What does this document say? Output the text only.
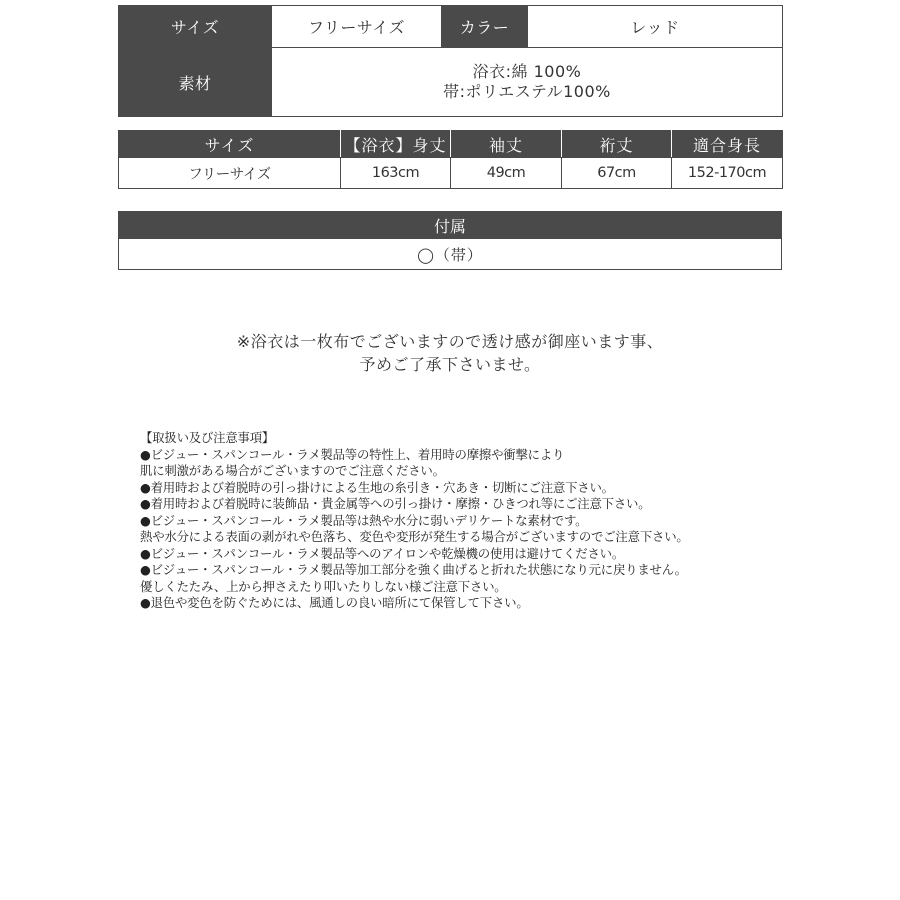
サイズ	フリーサイズ	カラー	レッド
素材	浴衣:綿 100%
帯:ポリエステル100%		
サイズ	【浴衣】身丈	袖丈	裄丈	適合身長
フリーサイズ	163cm	49cm	67cm	152-170cm
付属
◯（帯）
※浴衣は一枚布でございますので透け感が御座います事、
予めご了承下さいませ。
【取扱い及び注意事項】
●ビジュー・スパンコール・ラメ製品等の特性上、着用時の摩擦や衝撃により
肌に刺激がある場合がございますのでご注意ください。
●着用時および着脱時の引っ掛けによる生地の糸引き・穴あき・切断にご注意下さい。
●着用時および着脱時に装飾品・貴金属等への引っ掛け・摩擦・ひきつれ等にご注意下さい。
●ビジュー・スパンコール・ラメ製品等は熱や水分に弱いデリケートな素材です。
熱や水分による表面の剥がれや色落ち、変色や変形が発生する場合がございますのでご注意下さい。
●ビジュー・スパンコール・ラメ製品等へのアイロンや乾燥機の使用は避けてください。
●ビジュー・スパンコール・ラメ製品等加工部分を強く曲げると折れた状態になり元に戻りません。
優しくたたみ、上から押さえたり叩いたりしない様ご注意下さい。
●退色や変色を防ぐためには、風通しの良い暗所にて保管して下さい。
